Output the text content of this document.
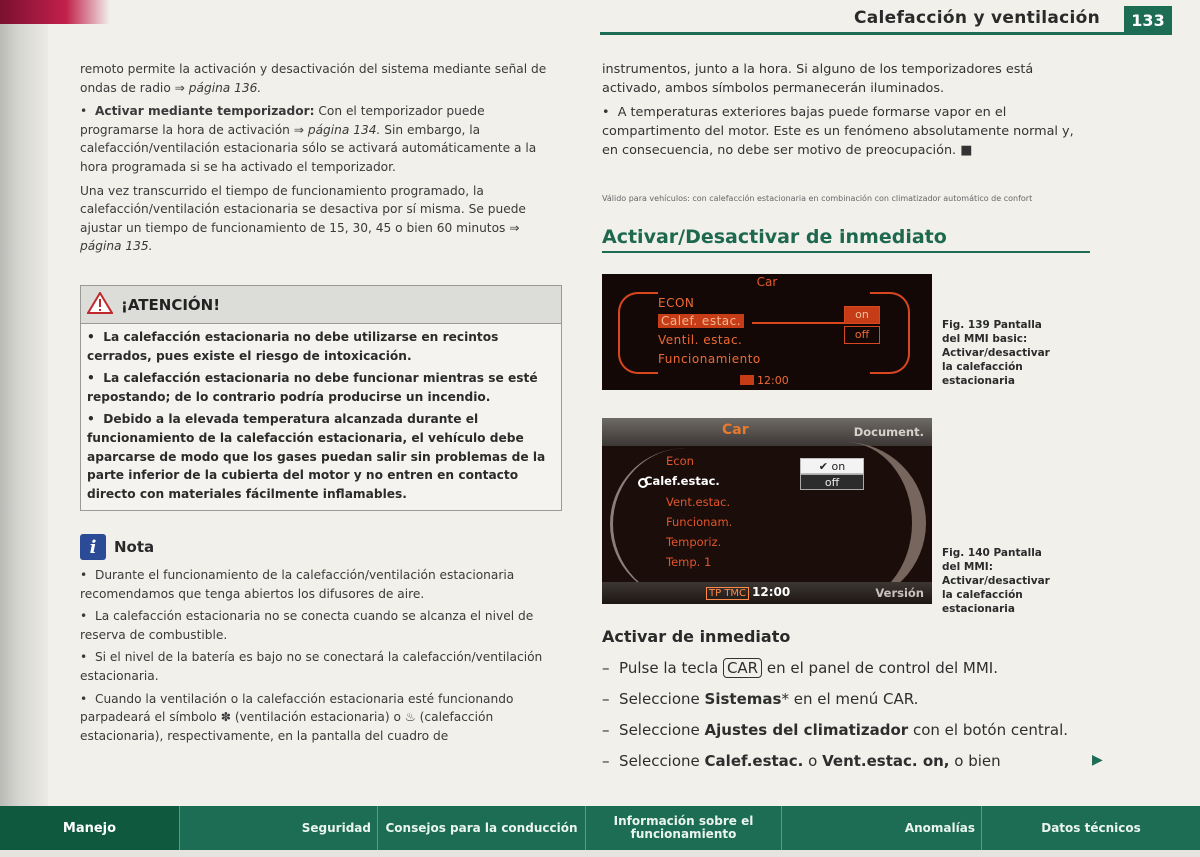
Calefacción y ventilación	133

remoto permite la activación y desactivación del sistema mediante señal de ondas de radio ⇒ página 136.

•  Activar mediante temporizador: Con el temporizador puede programarse la hora de activación ⇒ página 134. Sin embargo, la calefacción/ventilación estacionaria sólo se activará automáticamente a la hora programada si se ha activado el temporizador.

Una vez transcurrido el tiempo de funcionamiento programado, la calefacción/ventilación estacionaria se desactiva por sí misma. Se puede ajustar un tiempo de funcionamiento de 15, 30, 45 o bien 60 minutos ⇒ página 135.

¡ATENCIÓN!

•  La calefacción estacionaria no debe utilizarse en recintos cerrados, pues existe el riesgo de intoxicación.

•  La calefacción estacionaria no debe funcionar mientras se esté repostando; de lo contrario podría producirse un incendio.

•  Debido a la elevada temperatura alcanzada durante el funcionamiento de la calefacción estacionaria, el vehículo debe aparcarse de modo que los gases puedan salir sin problemas de la parte inferior de la cubierta del motor y no entren en contacto directo con materiales fácilmente inflamables.

i	Nota

•  Durante el funcionamiento de la calefacción/ventilación estacionaria recomendamos que tenga abiertos los difusores de aire.

•  La calefacción estacionaria no se conecta cuando se alcanza el nivel de reserva de combustible.

•  Si el nivel de la batería es bajo no se conectará la calefacción/ventilación estacionaria.

•  Cuando la ventilación o la calefacción estacionaria esté funcionando parpadeará el símbolo ✽ (ventilación estacionaria) o ♨ (calefacción estacionaria), respectivamente, en la pantalla del cuadro de

instrumentos, junto a la hora. Si alguno de los temporizadores está activado, ambos símbolos permanecerán iluminados.

•  A temperaturas exteriores bajas puede formarse vapor en el compartimento del motor. Este es un fenómeno absolutamente normal y, en consecuencia, no debe ser motivo de preocupación. ■

Válido para vehículos: con calefacción estacionaria en combinación con climatizador automático de confort
Activar/Desactivar de inmediato
Car
ECON
Calef. estac.
Ventil. estac.
Funcionamiento
on
off
12:00
Fig. 139 Pantalla del MMI basic: Activar/desactivar la calefacción estacionaria
Car	Document.
Econ
Calef.estac.
Vent.estac.
Funcionam.
Temporiz.
Temp. 1
✔ on
off
TP TMC 12:00	Versión
Fig. 140 Pantalla del MMI: Activar/desactivar la calefacción estacionaria
Activar de inmediato
–  Pulse la tecla CAR en el panel de control del MMI.
–  Seleccione Sistemas* en el menú CAR.
–  Seleccione Ajustes del climatizador con el botón central.
–  Seleccione Calef.estac. o Vent.estac. on, o bien	▶
Manejo	Seguridad	Consejos para la conducción	Información sobre el funcionamiento	Anomalías	Datos técnicos
